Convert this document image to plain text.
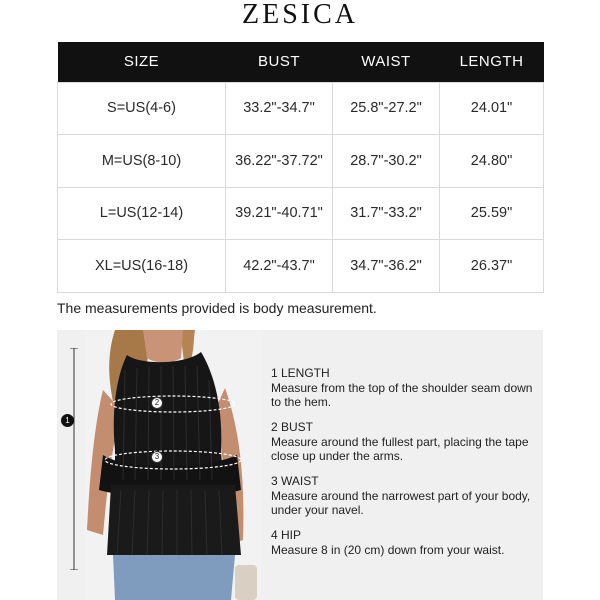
ZESICA
SIZE	BUST	WAIST	LENGTH
S=US(4-6)	33.2"-34.7"	25.8"-27.2"	24.01"
M=US(8-10)	36.22"-37.72"	28.7"-30.2"	24.80"
L=US(12-14)	39.21"-40.71"	31.7"-33.2"	25.59"
XL=US(16-18)	42.2"-43.7"	34.7"-36.2"	26.37"
The measurements provided is body measurement.
1
2
3
1 LENGTH
Measure from the top of the shoulder seam down to the hem.
2 BUST
Measure around the fullest part, placing the tape close up under the arms.
3 WAIST
Measure around the narrowest part of your body, under your navel.
4 HIP
Measure 8 in (20 cm) down from your waist.
